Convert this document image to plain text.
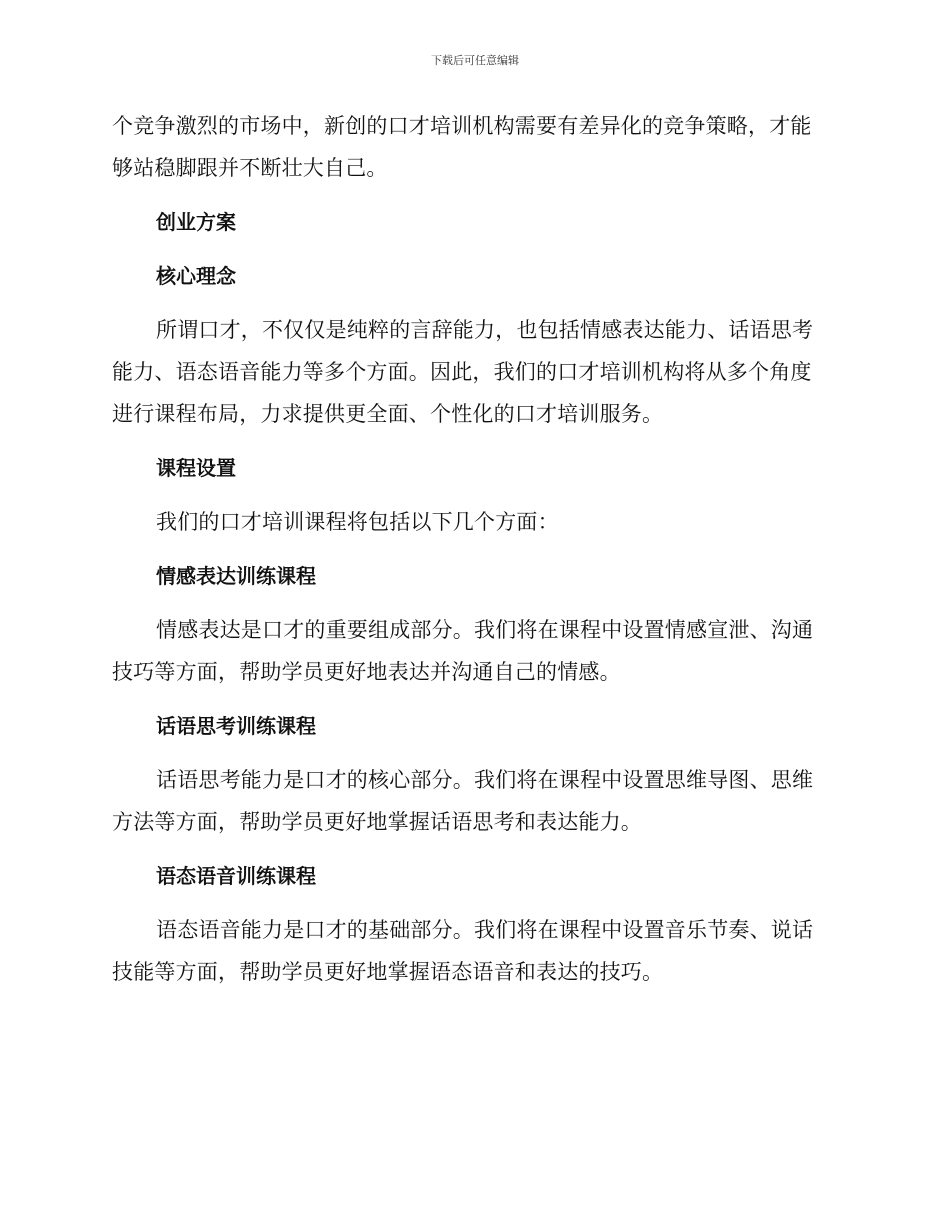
下载后可任意编辑

个竞争激烈的市场中，新创的口才培训机构需要有差异化的竞争策略，才能够站稳脚跟并不断壮大自己。

创业方案
核心理念

所谓口才，不仅仅是纯粹的言辞能力，也包括情感表达能力、话语思考能力、语态语音能力等多个方面。因此，我们的口才培训机构将从多个角度进行课程布局，力求提供更全面、个性化的口才培训服务。

课程设置

我们的口才培训课程将包括以下几个方面：

情感表达训练课程

情感表达是口才的重要组成部分。我们将在课程中设置情感宣泄、沟通技巧等方面，帮助学员更好地表达并沟通自己的情感。

话语思考训练课程

话语思考能力是口才的核心部分。我们将在课程中设置思维导图、思维方法等方面，帮助学员更好地掌握话语思考和表达能力。

语态语音训练课程

语态语音能力是口才的基础部分。我们将在课程中设置音乐节奏、说话技能等方面，帮助学员更好地掌握语态语音和表达的技巧。
